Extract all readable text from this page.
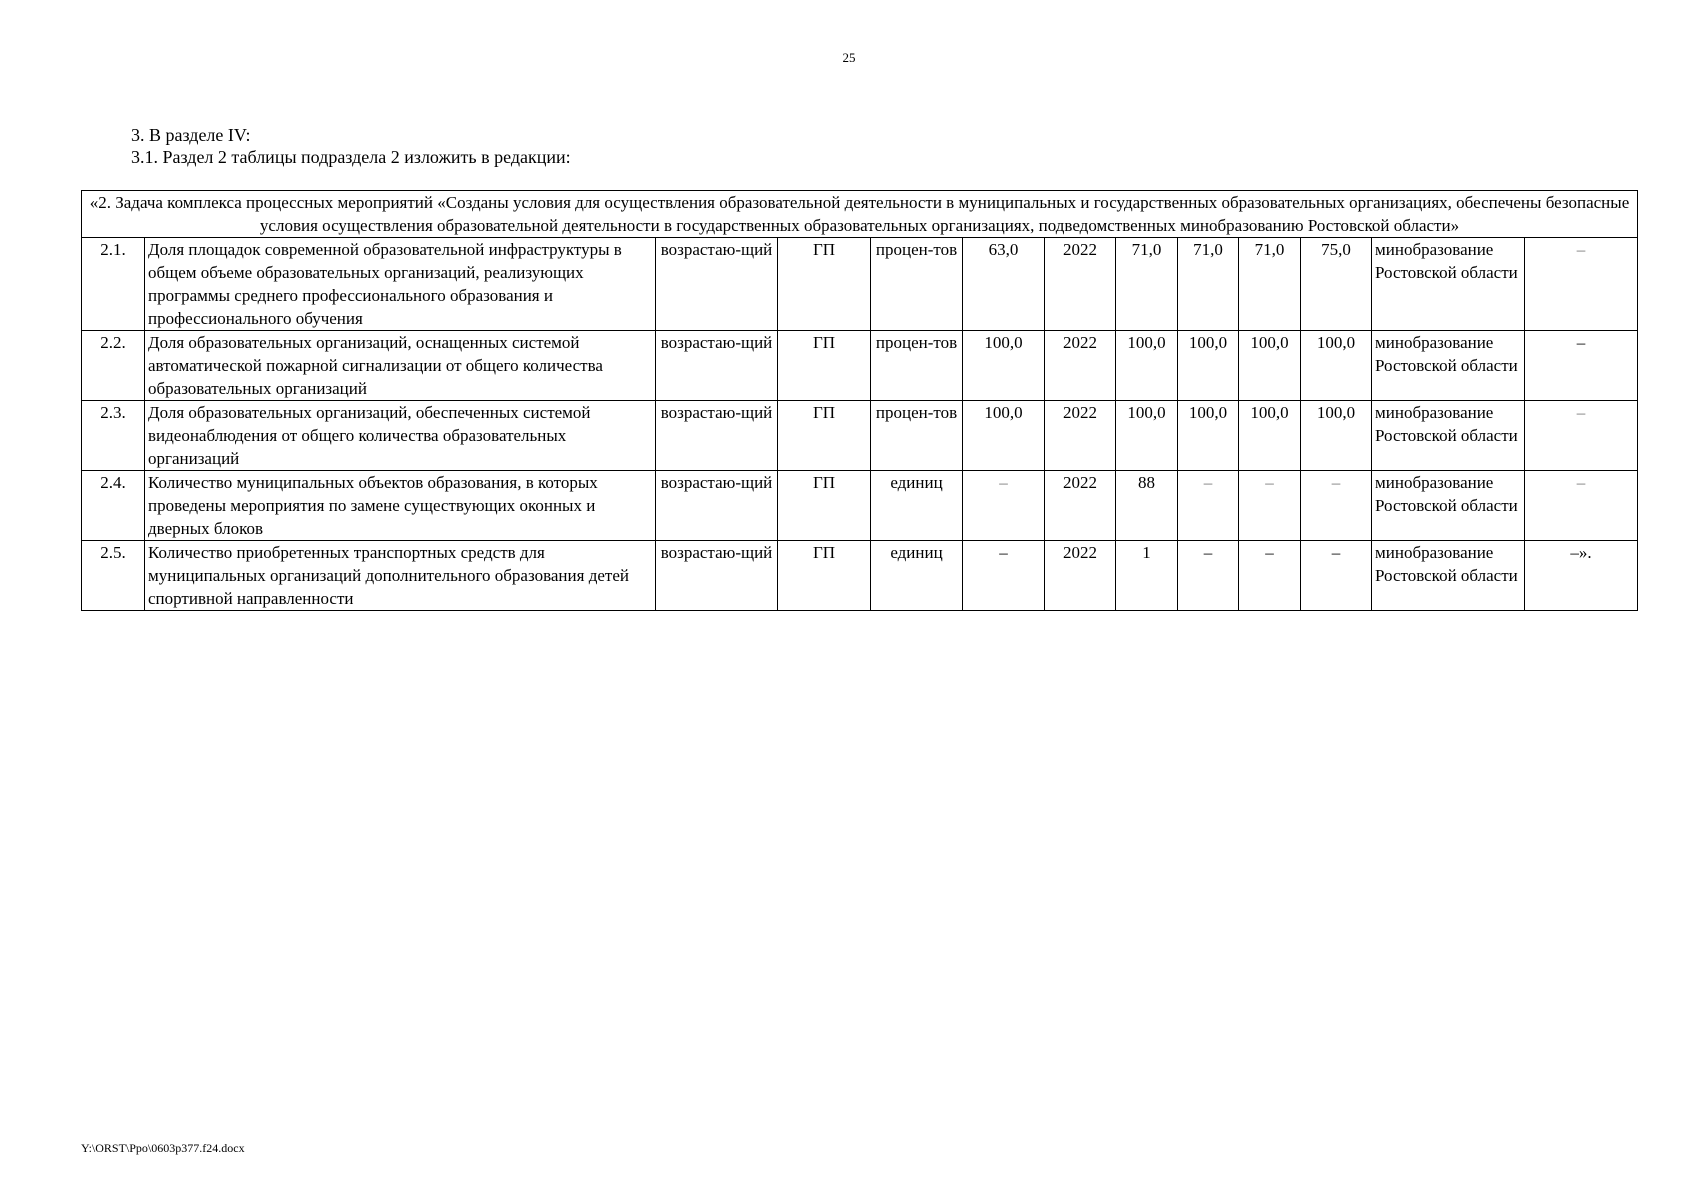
25
3. В разделе IV:
3.1. Раздел 2 таблицы подраздела 2 изложить в редакции:
«2. Задача комплекса процессных мероприятий «Созданы условия для осуществления образовательной деятельности в муниципальных и государственных образовательных организациях, обеспечены безопасные условия осуществления образовательной деятельности в государственных образовательных организациях, подведомственных минобразованию Ростовской области»												
2.1.	Доля площадок современной образовательной инфраструктуры в общем объеме образовательных организаций, реализующих программы среднего профессионального образования и профессионального обучения	возрастаю-щий	ГП	процен-тов	63,0	2022	71,0	71,0	71,0	75,0	минобразование Ростовской области	–
2.2.	Доля образовательных организаций, оснащенных системой автоматической пожарной сигнализации от общего количества образовательных организаций	возрастаю-щий	ГП	процен-тов	100,0	2022	100,0	100,0	100,0	100,0	минобразование Ростовской области	–
2.3.	Доля образовательных организаций, обеспеченных системой видеонаблюдения от общего количества образовательных организаций	возрастаю-щий	ГП	процен-тов	100,0	2022	100,0	100,0	100,0	100,0	минобразование Ростовской области	–
2.4.	Количество муниципальных объектов образования, в которых проведены мероприятия по замене существующих оконных и дверных блоков	возрастаю-щий	ГП	единиц	–	2022	88	–	–	–	минобразование Ростовской области	–
2.5.	Количество приобретенных транспортных средств для муниципальных организаций дополнительного образования детей спортивной направленности	возрастаю-щий	ГП	единиц	–	2022	1	–	–	–	минобразование Ростовской области	–».
Y:\ORST\Ppo\0603p377.f24.docx
